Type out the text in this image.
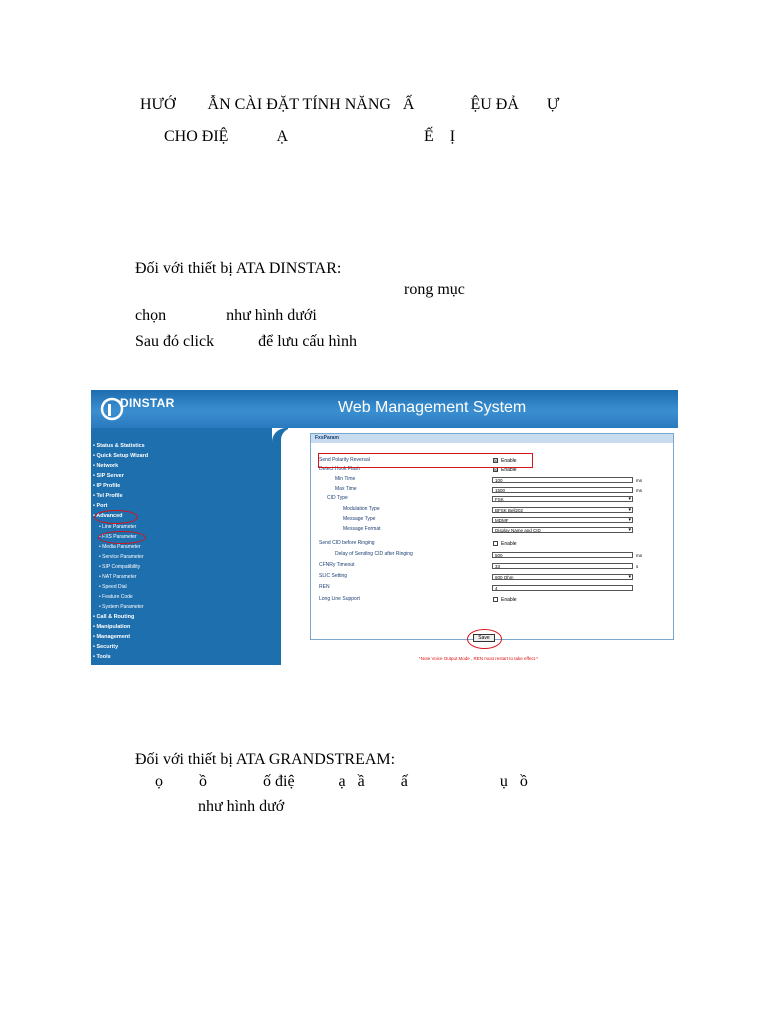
HƯỚ        ẪN CÀI ĐẶT TÍNH NĂNG   Ấ              ỆU ĐẢ       Ự
CHO ĐIỆ            Ạ                                  Ế    Ị
Đối với thiết bị ATA DINSTAR:
rong mục
chọn               như hình dưới
Sau đó click           để lưu cấu hình
DINSTAR	Web Management System
• Status & Statistics
• Quick Setup Wizard
• Network
• SIP Server
• IP Profile
• Tel Profile
• Port
• Advanced
• Line Parameter
• FXS Parameter
• Media Parameter
• Service Parameter
• SIP Compatibility
• NAT Parameter
• Speed Dial
• Feature Code
• System Parameter
• Call & Routing
• Manipulation
• Management
• Security
• Tools
FxsParam
Send Polarity Reversal	☒ Enable
Detect Hook Flash	☒ Enable
Min Time	100	ms
Max Time	1500	ms
CID Type	FSK ▾
Modulation Type	BFSK Bell202 ▾
Message Type	MDMF ▾
Message Format	Display Name and CID ▾
Send CID before Ringing	Enable
Delay of Sending CID after Ringing	500	ms
CFNRy Timeout	33	s
SLIC Setting	600 Ohm ▾
REN	4
Long Line Support	Enable
Save
*Note Voice Output Mode , REN must restart to take effect.*
Đối với thiết bị ATA GRANDSTREAM:
ọ         ồ              ố điệ           ạ   ầ         ấ                       ụ   ồ
như hình dướ
